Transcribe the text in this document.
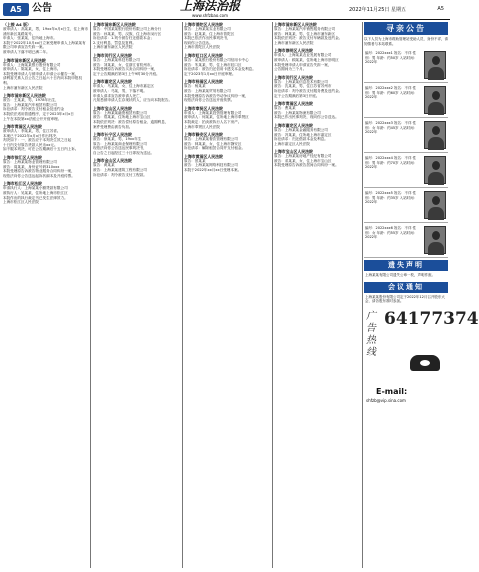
A5	公告	上海法治报
www.shfzbao.com
2022年11月25日 星期五	A5
（上接 A4 版）
被申请人：高某某，男，19xx年x月x日生，住上海市浦东新区某路某号。
申请人：张某某，住所地上海市。
本院于2022年10月xx日立案受理申请人上海某某有限公司申请宣告失踪一案。
被申请人下落不明已满二年。
上海市浦东新区人民法院
申请人：上海某某银行股份有限公司
被申请人：陈某某，女，住上海市。
本院受理申请人与被申请人申请公示催告一案，
请利害关系人自公告之日起六十日内向本院申报权利。
上海市浦东新区人民法院
上海市浦东新区人民法院
被告：王某某，男，1978年出生，
原告：上海某某汽车租赁有限公司
诉讼请求：判令被告支付租金及违约金
本院依法适用普通程序，定于2023年x月x日
上午在本院第xx法庭公开开庭审理。
上海市青浦区人民法院
被申请人：李某某，男，住江苏省。
本案已于2022年x月x日作出判决，
判决如下：一、被告应于本判决生效之日起
十日内支付原告货款人民币xx元。
如不服本判决，可在公告期满后十五日内上诉。
上海市徐汇区人民法院
原告：上海某某物业管理有限公司
被告：周某某，身份证号码310xxx
本院受理原告诉被告物业服务合同纠纷一案，
现依法向你公告送达起诉状副本及开庭传票。
上海市松江区人民法院
申请执行人：上海某某小额贷款有限公司
被执行人：吴某某，住所地上海市松江区
本院作出的执行裁定书已发生法律效力。
上海市松江区人民法院
上海市浦东新区人民法院
原告：中国某某银行股份有限公司上海分行
被告：孙某某，男，汉族，住上海市闵行区
诉讼请求：1.判令被告归还借款本金；
2.支付利息、罚息及复利。
上海市浦东新区人民法院
上海市闵行区人民法院
原告：上海某某科技有限公司
被告：刘某某，女，住浙江省杭州市。
本院受理原告诉被告买卖合同纠纷一案，
定于公告期满后第3日上午9时30分开庭。
上海市嘉定区人民法院
申请人：马某某，女，住上海市嘉定区
被申请人：马某，男，下落不明。
申请人请求宣告被申请人死亡，
凡知悉被申请人生存现状的人，应当向本院报告。
上海市宝山区人民法院
原告：上海某某融资租赁有限公司
被告：郑某某，住所地上海市宝山区
本院依法判决：被告偿付原告租金、逾期利息，
案件受理费由被告负担。
上海市长宁区人民法院
被告：徐某某，男，19xx年生
原告：上海某某商业保理有限公司
现依法向你公告送达民事判决书，
自公告之日起经过三十日即视为送达。
上海市金山区人民法院
原告：黄某某
被告：上海某某建筑工程有限公司
诉讼请求：判令被告支付工程款。
上海市普陀区人民法院
原告：上海某某实业有限公司
被告：赵某某，住上海市普陀区
本院已依法作出民事判决书，
现向你公告送达。
上海市普陀区人民法院
上海市虹口区人民法院
原告：某某银行股份有限公司信用卡中心
被告：朱某某，男，住上海市虹口区
诉讼请求：被告归还信用卡透支本金及利息。
定于2023年1月xx日开庭审理。
上海市杨浦区人民法院
原告：杨某某
被告：上海某某贸易有限公司
本院受理原告诉被告劳动争议纠纷一案，
现依法向你公告送达开庭传票。
上海市奉贤区人民法院
申请人：上海某某投资管理有限公司
被申请人：何某某，住所地上海市奉贤区
本院裁定：拍卖被执行人名下房产。
上海市奉贤区人民法院
上海市静安区人民法院
原告：上海某某餐饮管理有限公司
被告：林某某，女，住上海市静安区
诉讼请求：解除租赁合同并支付租金。
上海市黄浦区人民法院
原告：蔡某某
被告：上海某某网络科技有限公司
本院于2022年xx月xx日受理本案。
上海市浦东新区人民法院
原告：上海某某汽车销售服务有限公司
被告：韩某某，男，住上海市浦东新区
本院依法判决：被告支付车辆款及违约金。
上海市浦东新区人民法院
上海市崇明区人民法院
申请人：上海某某农业发展有限公司
被申请人：顾某某，住所地上海市崇明区
本院受理申请人申请宣告失踪一案，
公告期间为三个月。
上海市闵行区人民法院
原告：上海某某信息技术有限公司
被告：沈某某，男，住江苏省苏州市
诉讼请求：判令被告支付服务费及违约金。
定于公告期满后第3日开庭。
上海市青浦区人民法院
原告：曹某某
被告：上海某某物流有限公司
本院已作出民事判决，现向你公告送达。
上海市嘉定区人民法院
原告：上海某某金融服务有限公司
被告：冯某某，住所地上海市嘉定区
诉讼请求：归还借款本金及利息。
上海市嘉定区人民法院
上海市宝山区人民法院
原告：上海某某房地产经纪有限公司
被告：邓某某，女，住上海市宝山区
本院受理原告诉被告居间合同纠纷一案。
寻亲公告
以下人员为上海市救助管理站受助人员，身份不详，请知情者与本站联系。
编号：2022xxx1 姓名：不详 性别：男 年龄：约50岁 入站时间：2022年
编号：2022xxx2 姓名：不详 性别：男 年龄：约60岁 入站时间：2022年
编号：2022xxx3 姓名：不详 性别：女 年龄：约45岁 入站时间：2022年
编号：2022xxx4 姓名：不详 性别：男 年龄：约70岁 入站时间：2022年
编号：2022xxx5 姓名：不详 性别：男 年龄：约35岁 入站时间：2022年
编号：2022xxx6 姓名：不详 性别：女 年龄：约55岁 入站时间：2022年
遗失声明
上海某某有限公司遗失公章一枚，声明作废。
会议通知
上海某某股份有限公司定于2022年12月召开股东大会，请各股东准时参加。
广告热线
64177374
E-mail:
shfzb@vip.sina.com
